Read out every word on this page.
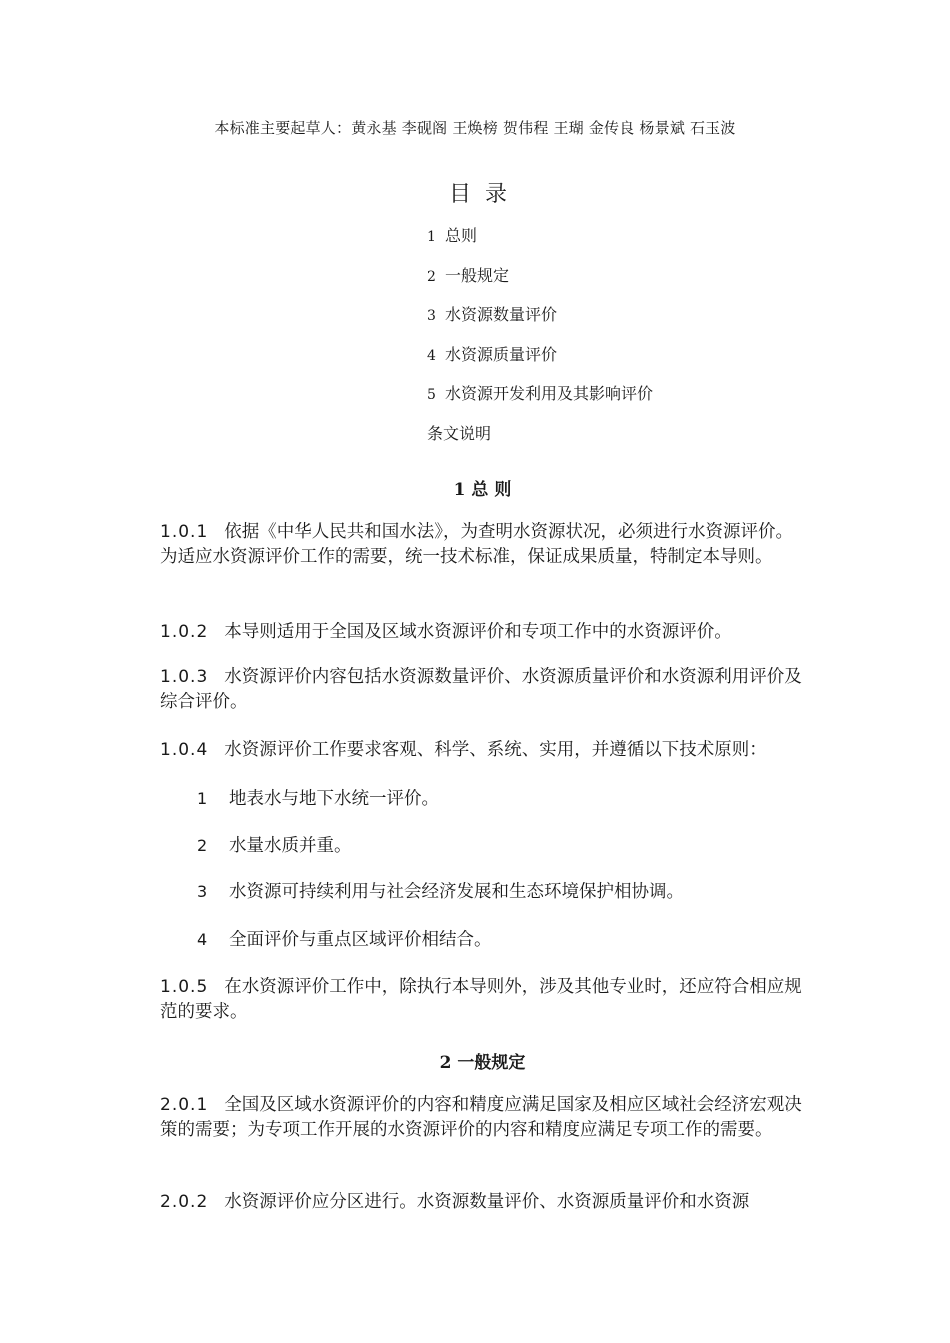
本标准主要起草人：黄永基 李砚阁 王焕榜 贺伟程 王瑚 金传良 杨景斌 石玉波
目录
1 总则
2 一般规定
3 水资源数量评价
4 水资源质量评价
5 水资源开发利用及其影响评价
条文说明
1 总 则
1.0.1 依据《中华人民共和国水法》，为查明水资源状况，必须进行水资源评价。为适应水资源评价工作的需要，统一技术标准，保证成果质量，特制定本导则。
1.0.2 本导则适用于全国及区域水资源评价和专项工作中的水资源评价。
1.0.3 水资源评价内容包括水资源数量评价、水资源质量评价和水资源利用评价及综合评价。
1.0.4 水资源评价工作要求客观、科学、系统、实用，并遵循以下技术原则：
1 地表水与地下水统一评价。
2 水量水质并重。
3 水资源可持续利用与社会经济发展和生态环境保护相协调。
4 全面评价与重点区域评价相结合。
1.0.5 在水资源评价工作中，除执行本导则外，涉及其他专业时，还应符合相应规范的要求。
2 一般规定
2.0.1 全国及区域水资源评价的内容和精度应满足国家及相应区域社会经济宏观决策的需要；为专项工作开展的水资源评价的内容和精度应满足专项工作的需要。
2.0.2 水资源评价应分区进行。水资源数量评价、水资源质量评价和水资源
